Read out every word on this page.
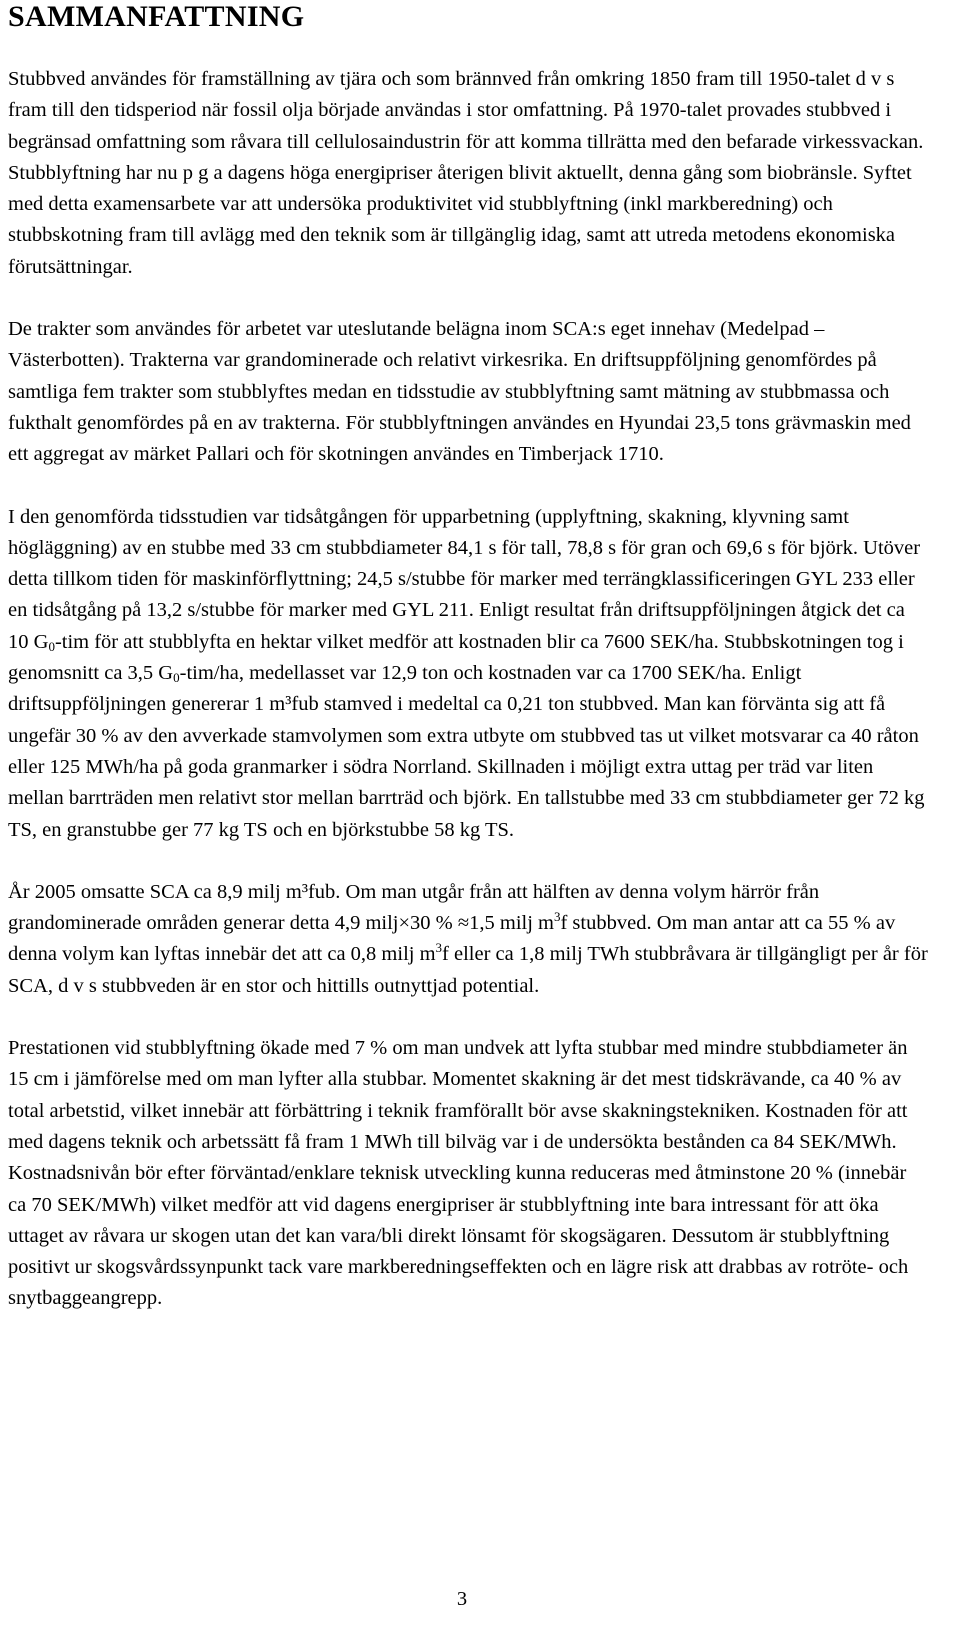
SAMMANFATTNING

Stubbved användes för framställning av tjära och som brännved från omkring 1850 fram till 1950-talet d v s fram till den tidsperiod när fossil olja började användas i stor omfattning. På 1970-talet provades stubbved i begränsad omfattning som råvara till cellulosaindustrin för att komma tillrätta med den befarade virkessvackan. Stubblyftning har nu p g a dagens höga energipriser återigen blivit aktuellt, denna gång som biobränsle. Syftet med detta examensarbete var att undersöka produktivitet vid stubblyftning (inkl markberedning) och stubbskotning fram till avlägg med den teknik som är tillgänglig idag, samt att utreda metodens ekonomiska förutsättningar.

De trakter som användes för arbetet var uteslutande belägna inom SCA:s eget innehav (Medelpad – Västerbotten). Trakterna var grandominerade och relativt virkesrika. En driftsuppföljning genomfördes på samtliga fem trakter som stubblyftes medan en tidsstudie av stubblyftning samt mätning av stubbmassa och fukthalt genomfördes på en av trakterna. För stubblyftningen användes en Hyundai 23,5 tons grävmaskin med ett aggregat av märket Pallari och för skotningen användes en Timberjack 1710.

I den genomförda tidsstudien var tidsåtgången för upparbetning (upplyftning, skakning, klyvning samt högläggning) av en stubbe med 33 cm stubbdiameter 84,1 s för tall, 78,8 s för gran och 69,6 s för björk. Utöver detta tillkom tiden för maskinförflyttning; 24,5 s/stubbe för marker med terrängklassificeringen GYL 233 eller en tidsåtgång på 13,2 s/stubbe för marker med GYL 211. Enligt resultat från driftsuppföljningen åtgick det ca 10 $G_0$-tim för att stubblyfta en hektar vilket medför att kostnaden blir ca 7600 SEK/ha. Stubbskotningen tog i genomsnitt ca 3,5 $G_0-tim/ha$, medellasset var 12,9 ton och kostnaden var ca 1700 SEK/ha. Enligt driftsuppföljningen genererar 1 m³fub stamved i medeltal ca 0,21 ton stubbved. Man kan förvänta sig att få ungefär 30 % av den avverkade stamvolymen som extra utbyte om stubbved tas ut vilket motsvarar ca 40 råton eller 125 MWh/ha på goda granmarker i södra Norrland. Skillnaden i möjligt extra uttag per träd var liten mellan barrträden men relativt stor mellan barrträd och björk. En tallstubbe med 33 cm stubbdiameter ger 72 kg TS, en granstubbe ger 77 kg TS och en björkstubbe 58 kg TS.

År 2005 omsatte SCA ca 8,9 milj m³fub. Om man utgår från att hälften av denna volym härrör från grandominerade områden generar detta 4,9 milj×30 % ≈1,5 milj $m^3f$ stubbved. Om man antar att ca 55 % av denna volym kan lyftas innebär det att ca 0,8 milj $m^3f$ eller ca 1,8 milj TWh stubbråvara är tillgängligt per år för SCA, d v s stubbveden är en stor och hittills outnyttjad potential.

Prestationen vid stubblyftning ökade med 7 % om man undvek att lyfta stubbar med mindre stubbdiameter än 15 cm i jämförelse med om man lyfter alla stubbar. Momentet skakning är det mest tidskrävande, ca 40 % av total arbetstid, vilket innebär att förbättring i teknik framförallt bör avse skakningstekniken. Kostnaden för att med dagens teknik och arbetssätt få fram 1 MWh till bilväg var i de undersökta bestånden ca 84 SEK/MWh. Kostnadsnivån bör efter förväntad/enklare teknisk utveckling kunna reduceras med åtminstone 20 % (innebär ca 70 SEK/MWh) vilket medför att vid dagens energipriser är stubblyftning inte bara intressant för att öka uttaget av råvara ur skogen utan det kan vara/bli direkt lönsamt för skogsägaren. Dessutom är stubblyftning positivt ur skogsvårdssynpunkt tack vare markberedningseffekten och en lägre risk att drabbas av rotröte- och snytbaggeangrepp.

3
